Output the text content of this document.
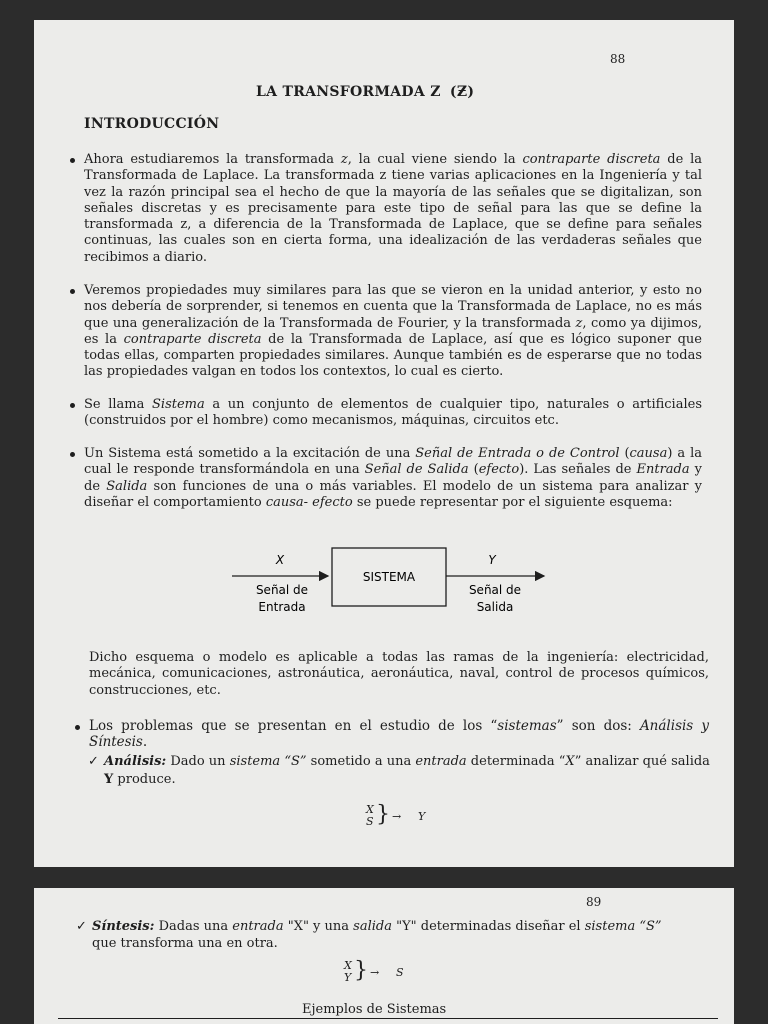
88
LA TRANSFORMADA Z (Ƶ)
INTRODUCCIÓN
Ahora estudiaremos la transformada z, la cual viene siendo la contraparte discreta de la Transformada de Laplace. La transformada z tiene varias aplicaciones en la Ingeniería y tal vez la razón principal sea el hecho de que la mayoría de las señales que se digitalizan, son señales discretas y es precisamente para este tipo de señal para las que se define la transformada z, a diferencia de la Transformada de Laplace, que se define para señales continuas, las cuales son en cierta forma, una idealización de las verdaderas señales que recibimos a diario.
Veremos propiedades muy similares para las que se vieron en la unidad anterior, y esto no nos debería de sorprender, si tenemos en cuenta que la Transformada de Laplace, no es más que una generalización de la Transformada de Fourier, y la transformada z, como ya dijimos, es la contraparte discreta de la Transformada de Laplace, así que es lógico suponer que todas ellas, comparten propiedades similares. Aunque también es de esperarse que no todas las propiedades valgan en todos los contextos, lo cual es cierto.
Se llama Sistema a un conjunto de elementos de cualquier tipo, naturales o artificiales (construidos por el hombre) como mecanismos, máquinas, circuitos etc.
Un Sistema está sometido a la excitación de una Señal de Entrada o de Control (causa) a la cual le responde transformándola en una Señal de Salida (efecto). Las señales de Entrada y de Salida son funciones de una o más variables. El modelo de un sistema para analizar y diseñar el comportamiento causa- efecto se puede representar por el siguiente esquema:
X
SISTEMA
Y
Señal de
Entrada
Señal de
Salida
Dicho esquema o modelo es aplicable a todas las ramas de la ingeniería: electricidad, mecánica, comunicaciones, astronáutica, aeronáutica, naval, control de procesos químicos, construcciones, etc.
Los problemas que se presentan en el estudio de los “sistemas” son dos: Análisis y Síntesis.
✓ Análisis: Dado un sistema “S” sometido a una entrada determinada “X” analizar qué salida Y produce.
X
S } → Y
89
✓ Síntesis: Dadas una entrada "X" y una salida "Y" determinadas diseñar el sistema “S” que transforma una en otra.
X
Y } → S
Ejemplos de Sistemas
